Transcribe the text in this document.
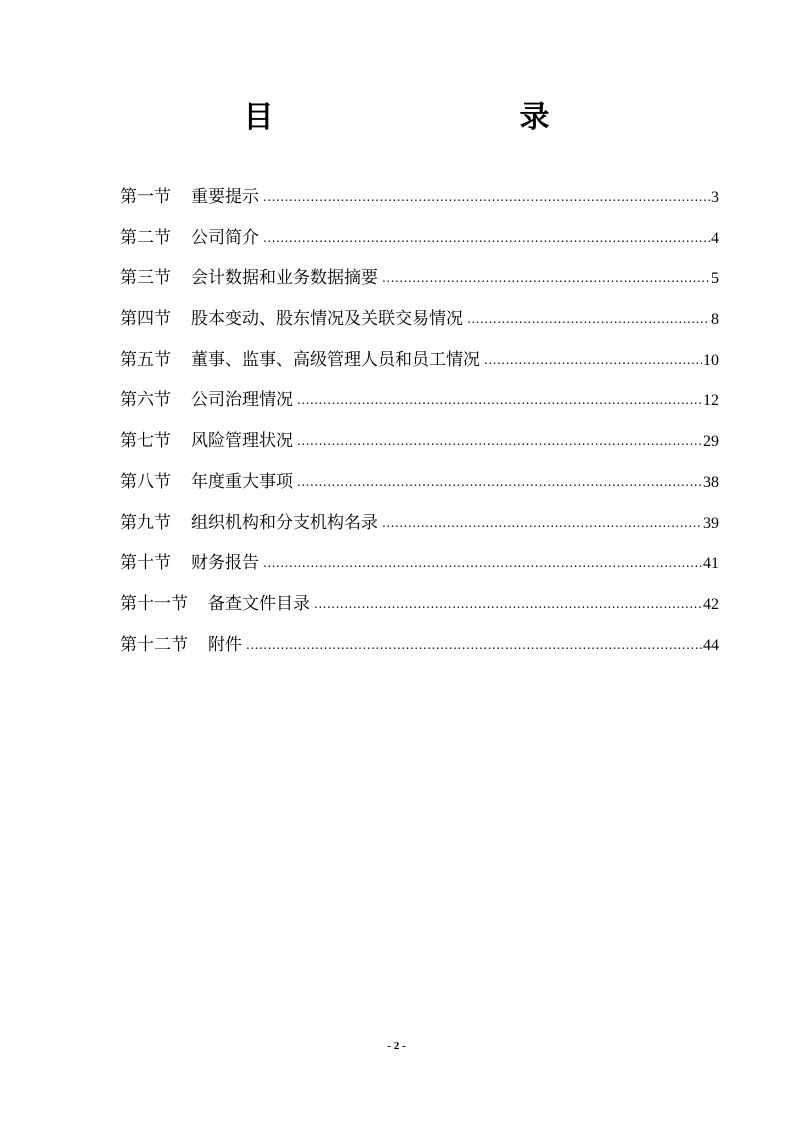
目　　录
第一节 重要提示 .....	3
第二节 公司简介 .....	4
第三节 会计数据和业务数据摘要 .....	5
第四节 股本变动、股东情况及关联交易情况 .....	8
第五节 董事、监事、高级管理人员和员工情况 .....	10
第六节 公司治理情况 .....	12
第七节 风险管理状况 .....	29
第八节 年度重大事项 .....	38
第九节 组织机构和分支机构名录 .....	39
第十节 财务报告 .....	41
第十一节 备查文件目录 .....	42
第十二节 附件 .....	44
- 2 -
